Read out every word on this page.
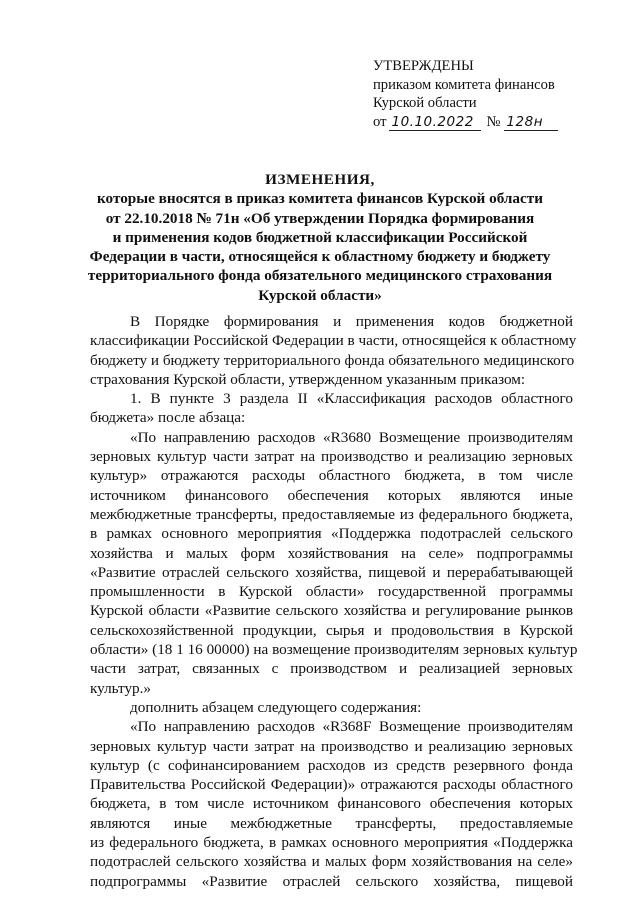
УТВЕРЖДЕНЫ
приказом комитета финансов
Курской области
от 10.10.2022 № 128н
ИЗМЕНЕНИЯ,
которые вносятся в приказ комитета финансов Курской области
от 22.10.2018 № 71н «Об утверждении Порядка формирования
и применения кодов бюджетной классификации Российской
Федерации в части, относящейся к областному бюджету и бюджету
территориального фонда обязательного медицинского страхования
Курской области»
В Порядке формирования и применения кодов бюджетной
классификации Российской Федерации в части, относящейся к областному
бюджету и бюджету территориального фонда обязательного медицинского
страхования Курской области, утвержденном указанным приказом:
1. В пункте 3 раздела II «Классификация расходов областного
бюджета» после абзаца:
«По направлению расходов «R3680 Возмещение производителям
зерновых культур части затрат на производство и реализацию зерновых
культур» отражаются расходы областного бюджета, в том числе
источником финансового обеспечения которых являются иные
межбюджетные трансферты, предоставляемые из федерального бюджета,
в рамках основного мероприятия «Поддержка подотраслей сельского
хозяйства и малых форм хозяйствования на селе» подпрограммы
«Развитие отраслей сельского хозяйства, пищевой и перерабатывающей
промышленности в Курской области» государственной программы
Курской области «Развитие сельского хозяйства и регулирование рынков
сельскохозяйственной продукции, сырья и продовольствия в Курской
области» (18 1 16 00000) на возмещение производителям зерновых культур
части затрат, связанных с производством и реализацией зерновых
культур.»
дополнить абзацем следующего содержания:
«По направлению расходов «R368F Возмещение производителям
зерновых культур части затрат на производство и реализацию зерновых
культур (с софинансированием расходов из средств резервного фонда
Правительства Российской Федерации)» отражаются расходы областного
бюджета, в том числе источником финансового обеспечения которых
являются иные межбюджетные трансферты, предоставляемые
из федерального бюджета, в рамках основного мероприятия «Поддержка
подотраслей сельского хозяйства и малых форм хозяйствования на селе»
подпрограммы «Развитие отраслей сельского хозяйства, пищевой
